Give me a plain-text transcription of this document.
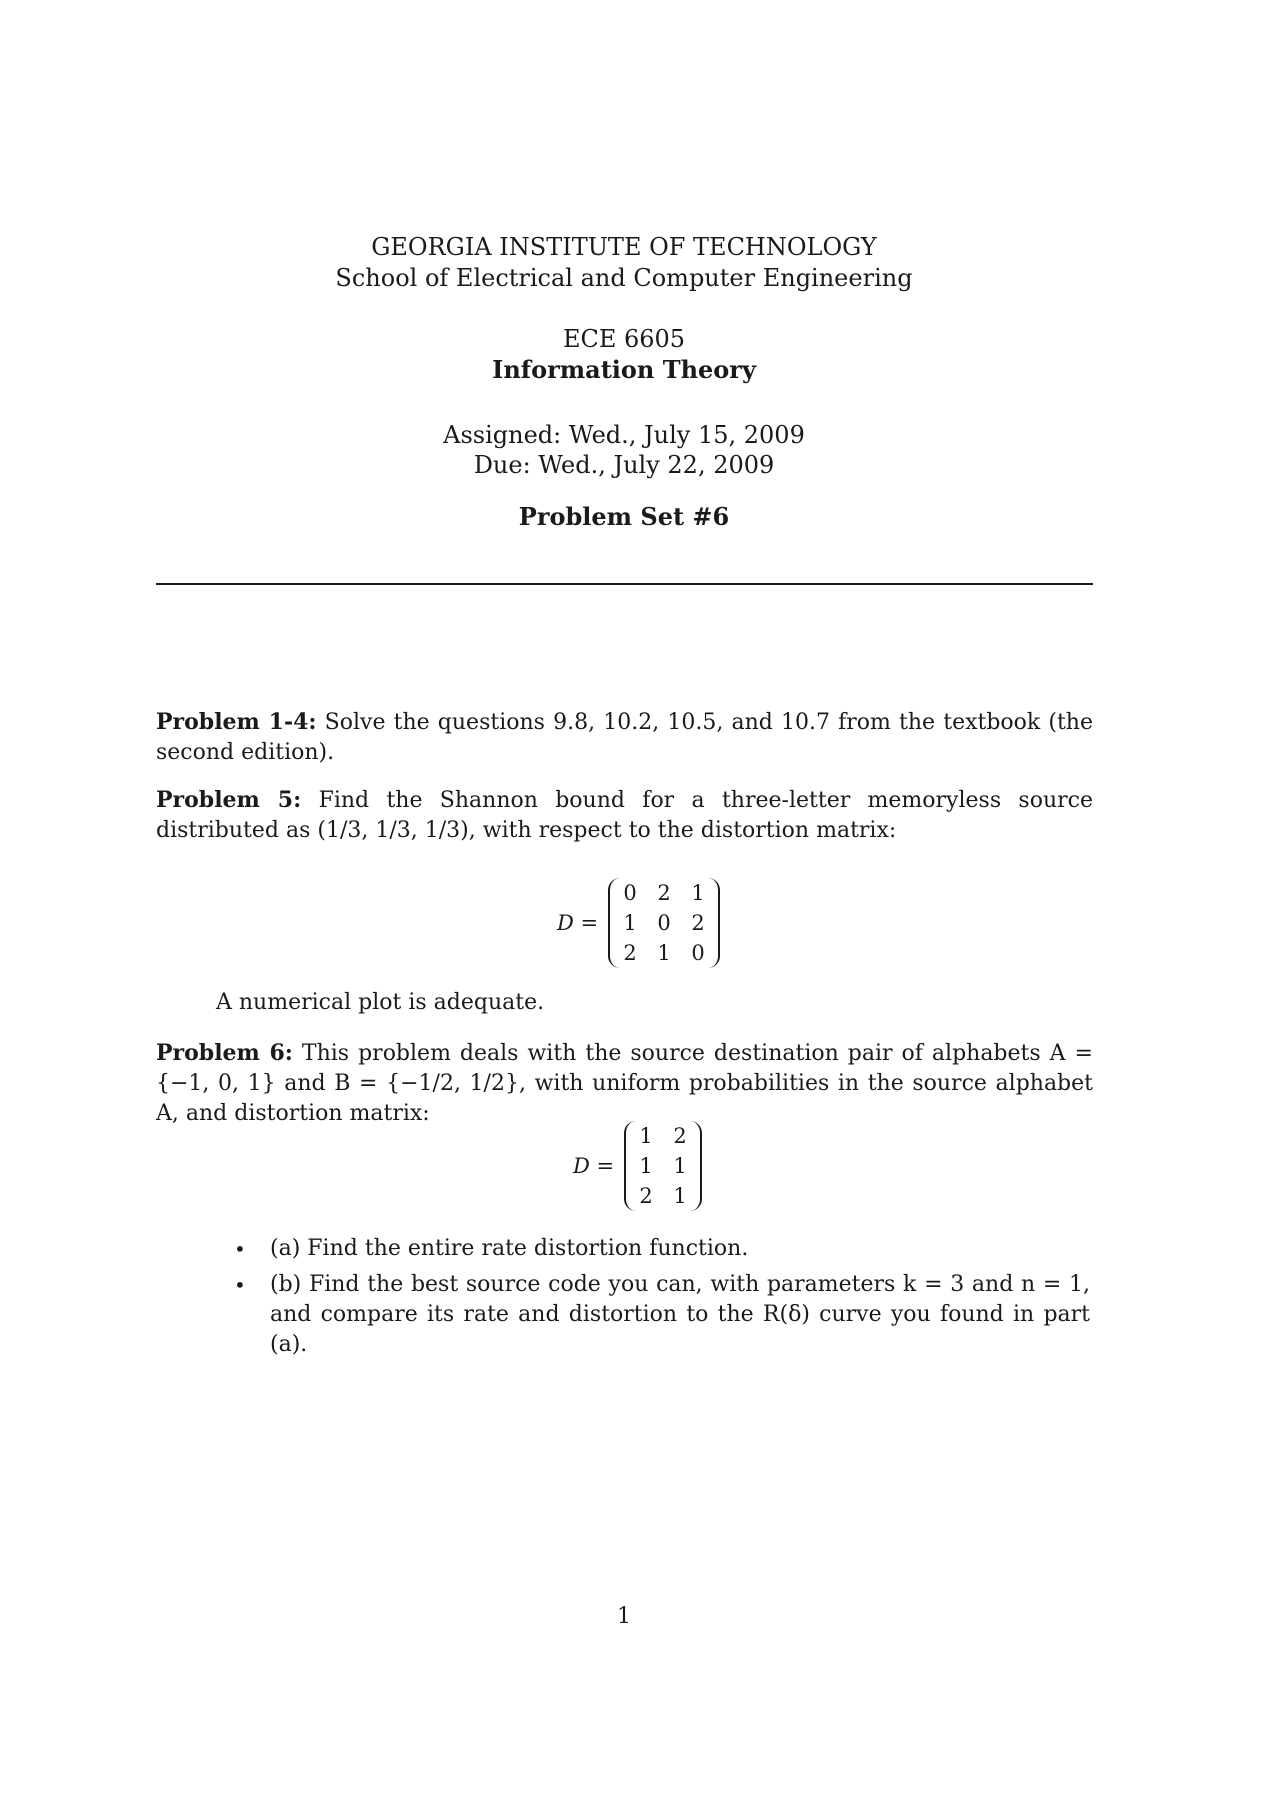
GEORGIA INSTITUTE OF TECHNOLOGY
School of Electrical and Computer Engineering
ECE 6605
Information Theory
Assigned: Wed., July 15, 2009
Due: Wed., July 22, 2009
Problem Set #6
Problem 1-4: Solve the questions 9.8, 10.2, 10.5, and 10.7 from the textbook (the second edition).
Problem 5: Find the Shannon bound for a three-letter memoryless source distributed as (1/3, 1/3, 1/3), with respect to the distortion matrix:
D =
0 2 1
1 0 2
2 1 0
A numerical plot is adequate.
Problem 6: This problem deals with the source destination pair of alphabets A = {−1, 0, 1} and B = {−1/2, 1/2}, with uniform probabilities in the source alphabet A, and distortion matrix:
D =
1 2
1 1
2 1
•	(a) Find the entire rate distortion function.
•	(b) Find the best source code you can, with parameters k = 3 and n = 1, and compare its rate and distortion to the R(δ) curve you found in part (a).
1
